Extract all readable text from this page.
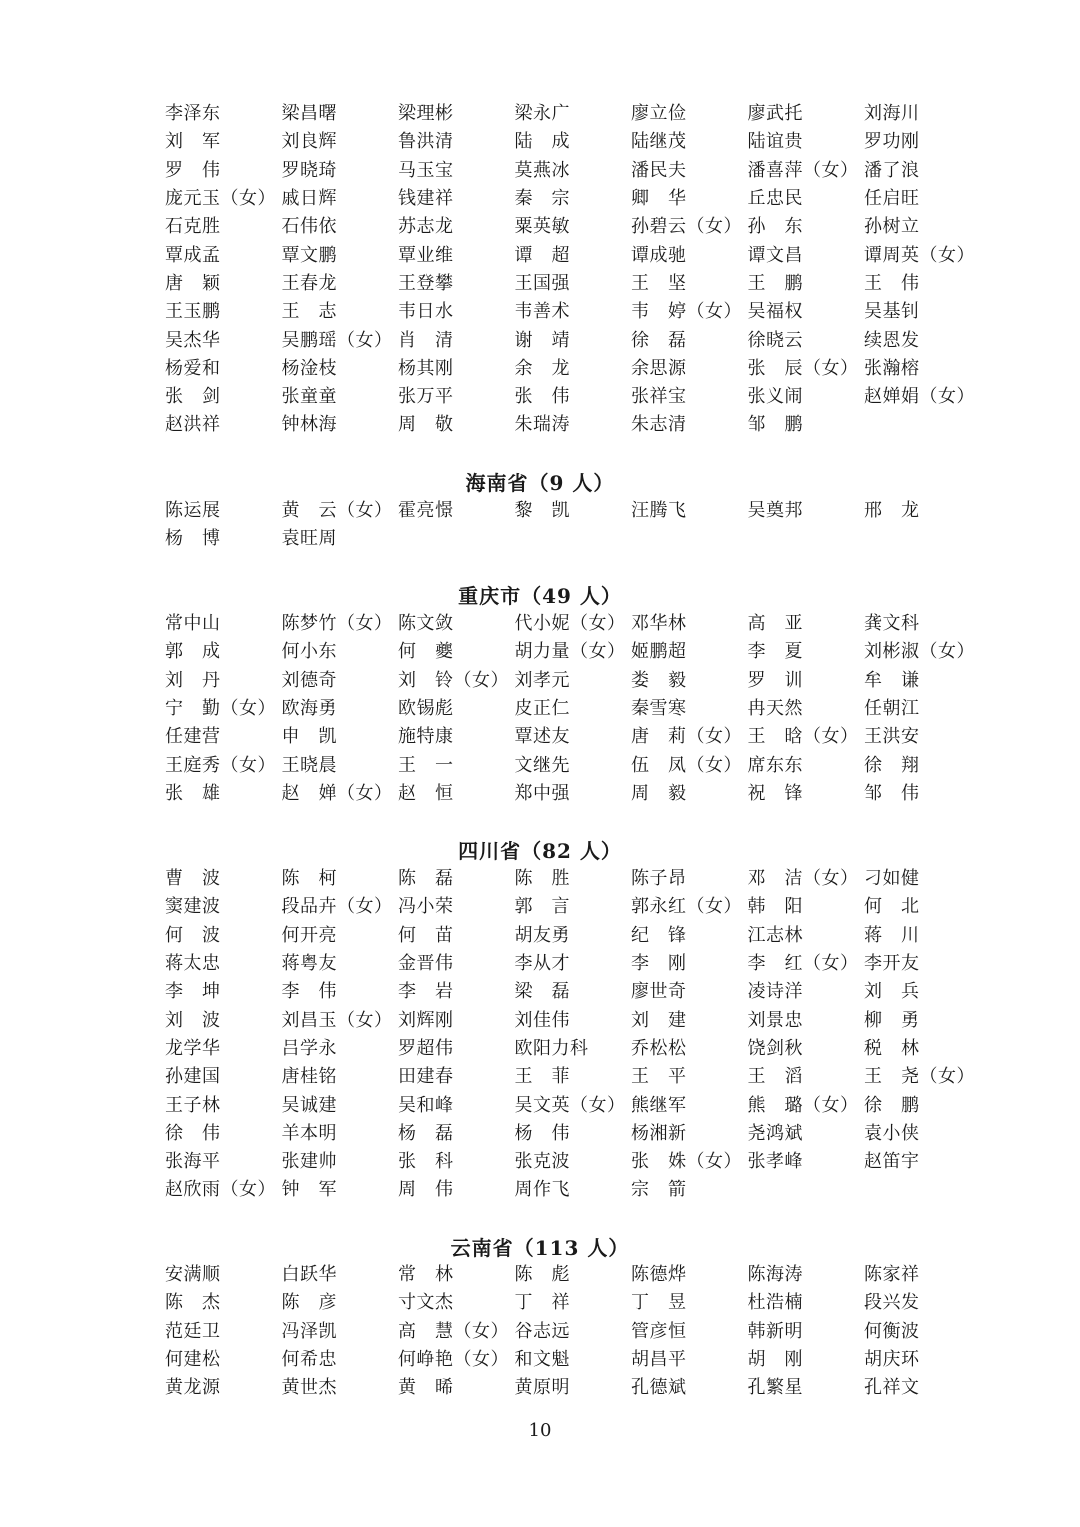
海南省（9 人）
重庆市（49 人）
四川省（82 人）
云南省（113 人）
李泽东	梁昌曙	梁理彬	梁永广	廖立俭	廖武托	刘海川
刘　军	刘良辉	鲁洪清	陆　成	陆继茂	陆谊贵	罗功刚
罗　伟	罗晓琦	马玉宝	莫燕冰	潘民夫	潘喜萍（女） 潘了浪
庞元玉（女） 戚日辉	钱建祥	秦　宗	卿　华	丘忠民	任启旺
石克胜	石伟依	苏志龙	粟英敏	孙碧云（女） 孙　东	孙树立
覃成孟	覃文鹏	覃业维	谭　超	谭成驰	谭文昌	谭周英（女）
唐　颖	王春龙	王登攀	王国强	王　坚	王　鹏	王　伟
王玉鹏	王　志	韦日水	韦善术	韦　婷（女） 吴福权	吴基钊
吴杰华	吴鹏瑶（女） 肖　清	谢　靖	徐　磊	徐晓云	续恩发
杨爱和	杨淦枝	杨其刚	余　龙	余思源	张　辰（女） 张瀚榕
张　剑	张童童	张万平	张　伟	张祥宝	张义闹	赵婵娟（女）
赵洪祥	钟林海	周　敬	朱瑞涛	朱志清	邹　鹏
陈运展	黄　云（女） 霍亮憬	黎　凯	汪腾飞	吴奠邦	邢　龙
杨　博	袁旺周
常中山	陈梦竹（女） 陈文敛	代小妮（女） 邓华林	高　亚	龚文科
郭　成	何小东	何　夔	胡力量（女） 姬鹏超	李　夏	刘彬淑（女）
刘　丹	刘德奇	刘　铃（女） 刘孝元	娄　毅	罗　训	牟　谦
宁　勤（女） 欧海勇	欧锡彪	皮正仁	秦雪寒	冉天然	任朝江
任建营	申　凯	施特康	覃述友	唐　莉（女） 王　晗（女） 王洪安
王庭秀（女） 王晓晨	王　一	文继先	伍　凤（女） 席东东	徐　翔
张　雄	赵　婵（女） 赵　恒	郑中强	周　毅	祝　锋	邹　伟
曹　波	陈　柯	陈　磊	陈　胜	陈子昂	邓　洁（女） 刁如健
窦建波	段品卉（女） 冯小荣	郭　言	郭永红（女） 韩　阳	何　北
何　波	何开亮	何　苗	胡友勇	纪　锋	江志林	蒋　川
蒋太忠	蒋粤友	金晋伟	李从才	李　刚	李　红（女） 李开友
李　坤	李　伟	李　岩	梁　磊	廖世奇	凌诗洋	刘　兵
刘　波	刘昌玉（女） 刘辉刚	刘佳伟	刘　建	刘景忠	柳　勇
龙学华	吕学永	罗超伟	欧阳力科	乔松松	饶剑秋	税　林
孙建国	唐桂铭	田建春	王　菲	王　平	王　滔	王　尧（女）
王子林	吴诚建	吴和峰	吴文英（女） 熊继军	熊　璐（女） 徐　鹏
徐　伟	羊本明	杨　磊	杨　伟	杨湘新	尧鸿斌	袁小侠
张海平	张建帅	张　科	张克波	张　姝（女） 张孝峰	赵笛宇
赵欣雨（女） 钟　军	周　伟	周作飞	宗　箭
安满顺	白跃华	常　林	陈　彪	陈德烨	陈海涛	陈家祥
陈　杰	陈　彦	寸文杰	丁　祥	丁　昱	杜浩楠	段兴发
范廷卫	冯泽凯	高　慧（女） 谷志远	管彦恒	韩新明	何衡波
何建松	何希忠	何峥艳（女） 和文魁	胡昌平	胡　刚	胡庆环
黄龙源	黄世杰	黄　晞	黄原明	孔德斌	孔繁星	孔祥文
10
